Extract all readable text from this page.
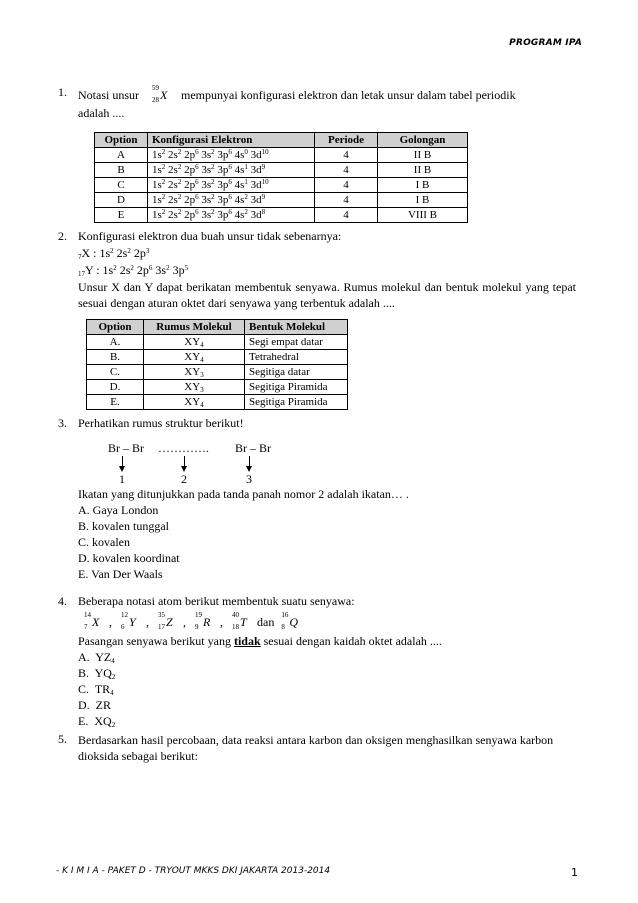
PROGRAM IPA
1. Notasi unsur 59
28 X mempunyai konfigurasi elektron dan letak unsur dalam tabel periodik
adalah ....
Option	Konfigurasi Elektron	Periode	Golongan
A	$1s^2$ $2s^2$ $2p^6$ $3s^2$ $3p^6$ $4s^0$ $3d^{10}$	4	II B
B	$1s^2$ $2s^2$ $2p^6$ $3s^2$ $3p^6$ $4s^1$ $3d^9$	4	II B
C	$1s^2$ $2s^2$ $2p^6$ $3s^2$ $3p^6$ $4s^1$ $3d^{10}$	4	I B
D	$1s^2$ $2s^2$ $2p^6$ $3s^2$ $3p^6$ $4s^2$ $3d^9$	4	I B
E	$1s^2$ $2s^2$ $2p^6$ $3s^2$ $3p^6$ $4s^2$ $3d^8$	4	VIII B
2. Konfigurasi elektron dua buah unsur tidak sebenarnya:
$_7$X : $1s^2$ $2s^2$ $2p^3$
$_{17}$Y : $1s^2$ $2s^2$ $2p^6$ $3s^2$ $3p^5$
Unsur X dan Y dapat berikatan membentuk senyawa. Rumus molekul dan bentuk molekul yang tepat sesuai dengan aturan oktet dari senyawa yang terbentuk adalah ....
Option	Rumus Molekul	Bentuk Molekul
A.	$XY_4$	Segi empat datar
B.	$XY_4$	Tetrahedral
C.	$XY_3$	Segitiga datar
D.	$XY_3$	Segitiga Piramida
E.	$XY_4$	Segitiga Piramida
3. Perhatikan rumus struktur berikut!
Br – Br …………. Br – Br
1	2	3
Ikatan yang ditunjukkan pada tanda panah nomor 2 adalah ikatan… .
A. Gaya London
B. kovalen tunggal
C. kovalen
D. kovalen koordinat
E. Van Der Waals
4. Beberapa notasi atom berikut membentuk suatu senyawa:
14
7 X , 12
6 Y , 35
17 Z , 19
9 R , 40
18 T dan 16
8 Q
Pasangan senyawa berikut yang tidak sesuai dengan kaidah oktet adalah ....
A. $YZ_4$
B. $YQ_2$
C. $TR_4$
D. ZR
E. $XQ_2$
5. Berdasarkan hasil percobaan, data reaksi antara karbon dan oksigen menghasilkan senyawa karbon dioksida sebagai berikut:
- K I M I A - PAKET D - TRYOUT MKKS DKI JAKARTA 2013-2014	1
